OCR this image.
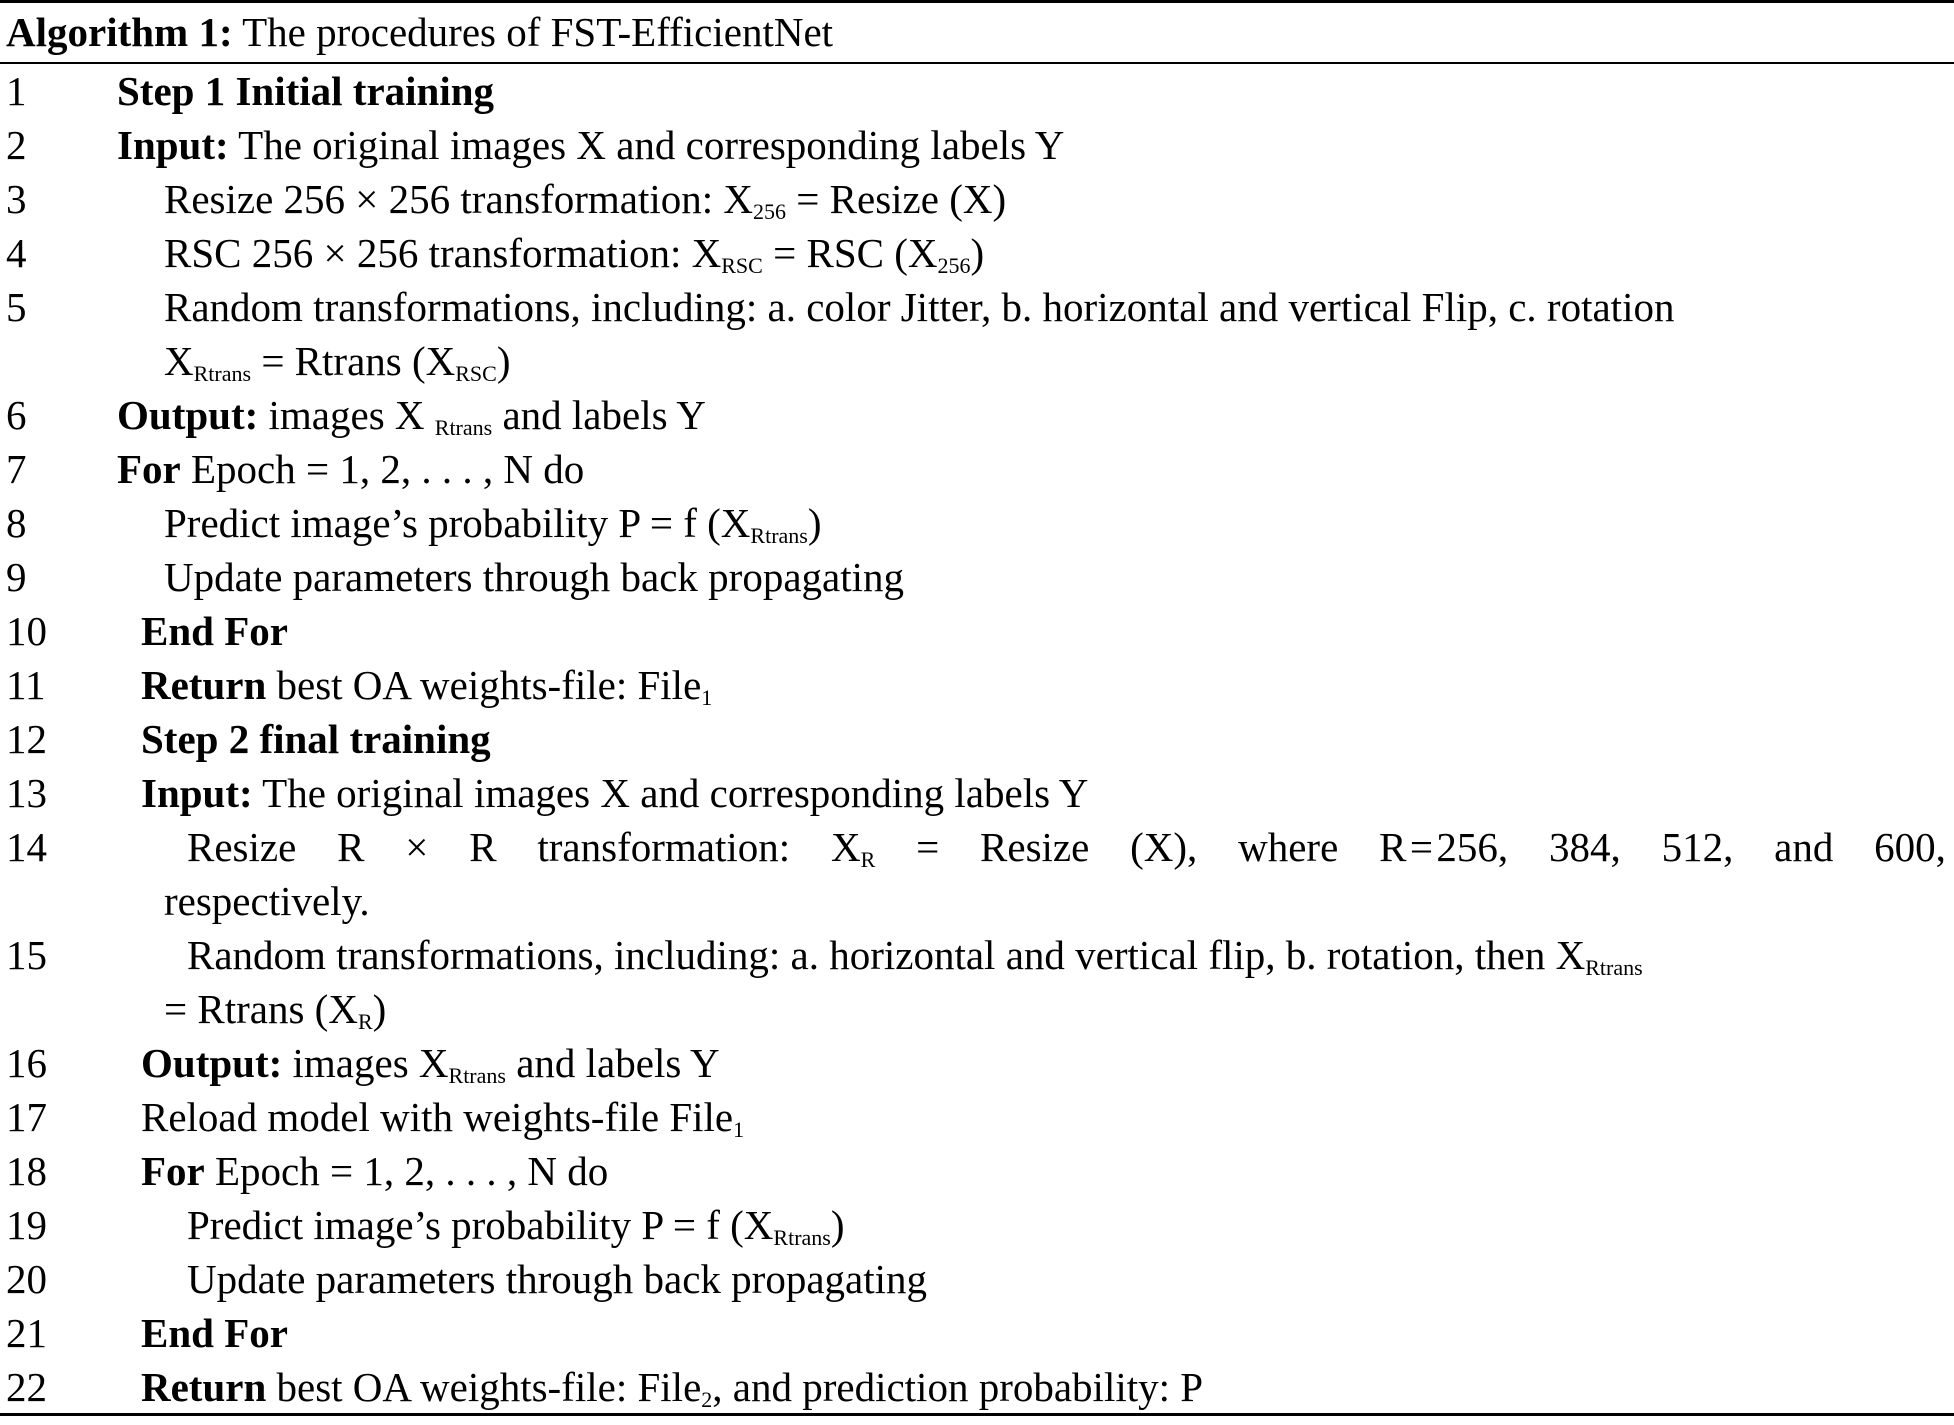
Algorithm 1: The procedures of FST-EfficientNet
1	Step 1 Initial training
2	Input: The original images X and corresponding labels Y
3	Resize 256 × 256 transformation: $X_{256}$ = Resize (X)
4	RSC 256 × 256 transformation: $X_{RSC}$ = RSC $(X_{256})$
5	Random transformations, including: a. color Jitter, b. horizontal and vertical Flip, c. rotation
$X_{Rtrans}$ = Rtrans $(X_{RSC})$
6	Output: images X $_{Rtrans}$ and labels Y
7	For Epoch = 1, 2, . . . , N do
8	Predict image’s probability P = f $(X_{Rtrans})$
9	Update parameters through back propagating
10	End For
11	Return best OA weights-file: File$_1$
12	Step 2 final training
13	Input: The original images X and corresponding labels Y
14	Resize R × R transformation: $X_R$ = Resize (X), where R = 256, 384, 512, and 600,
respectively.
15	Random transformations, including: a. horizontal and vertical flip, b. rotation, then $X_{Rtrans}$
= Rtrans $(X_R)$
16	Output: images $X_{Rtrans}$ and labels Y
17	Reload model with weights-file File$_1$
18	For Epoch = 1, 2, . . . , N do
19	Predict image’s probability P = f $(X_{Rtrans})$
20	Update parameters through back propagating
21	End For
22	Return best OA weights-file: File$_2$, and prediction probability: P
